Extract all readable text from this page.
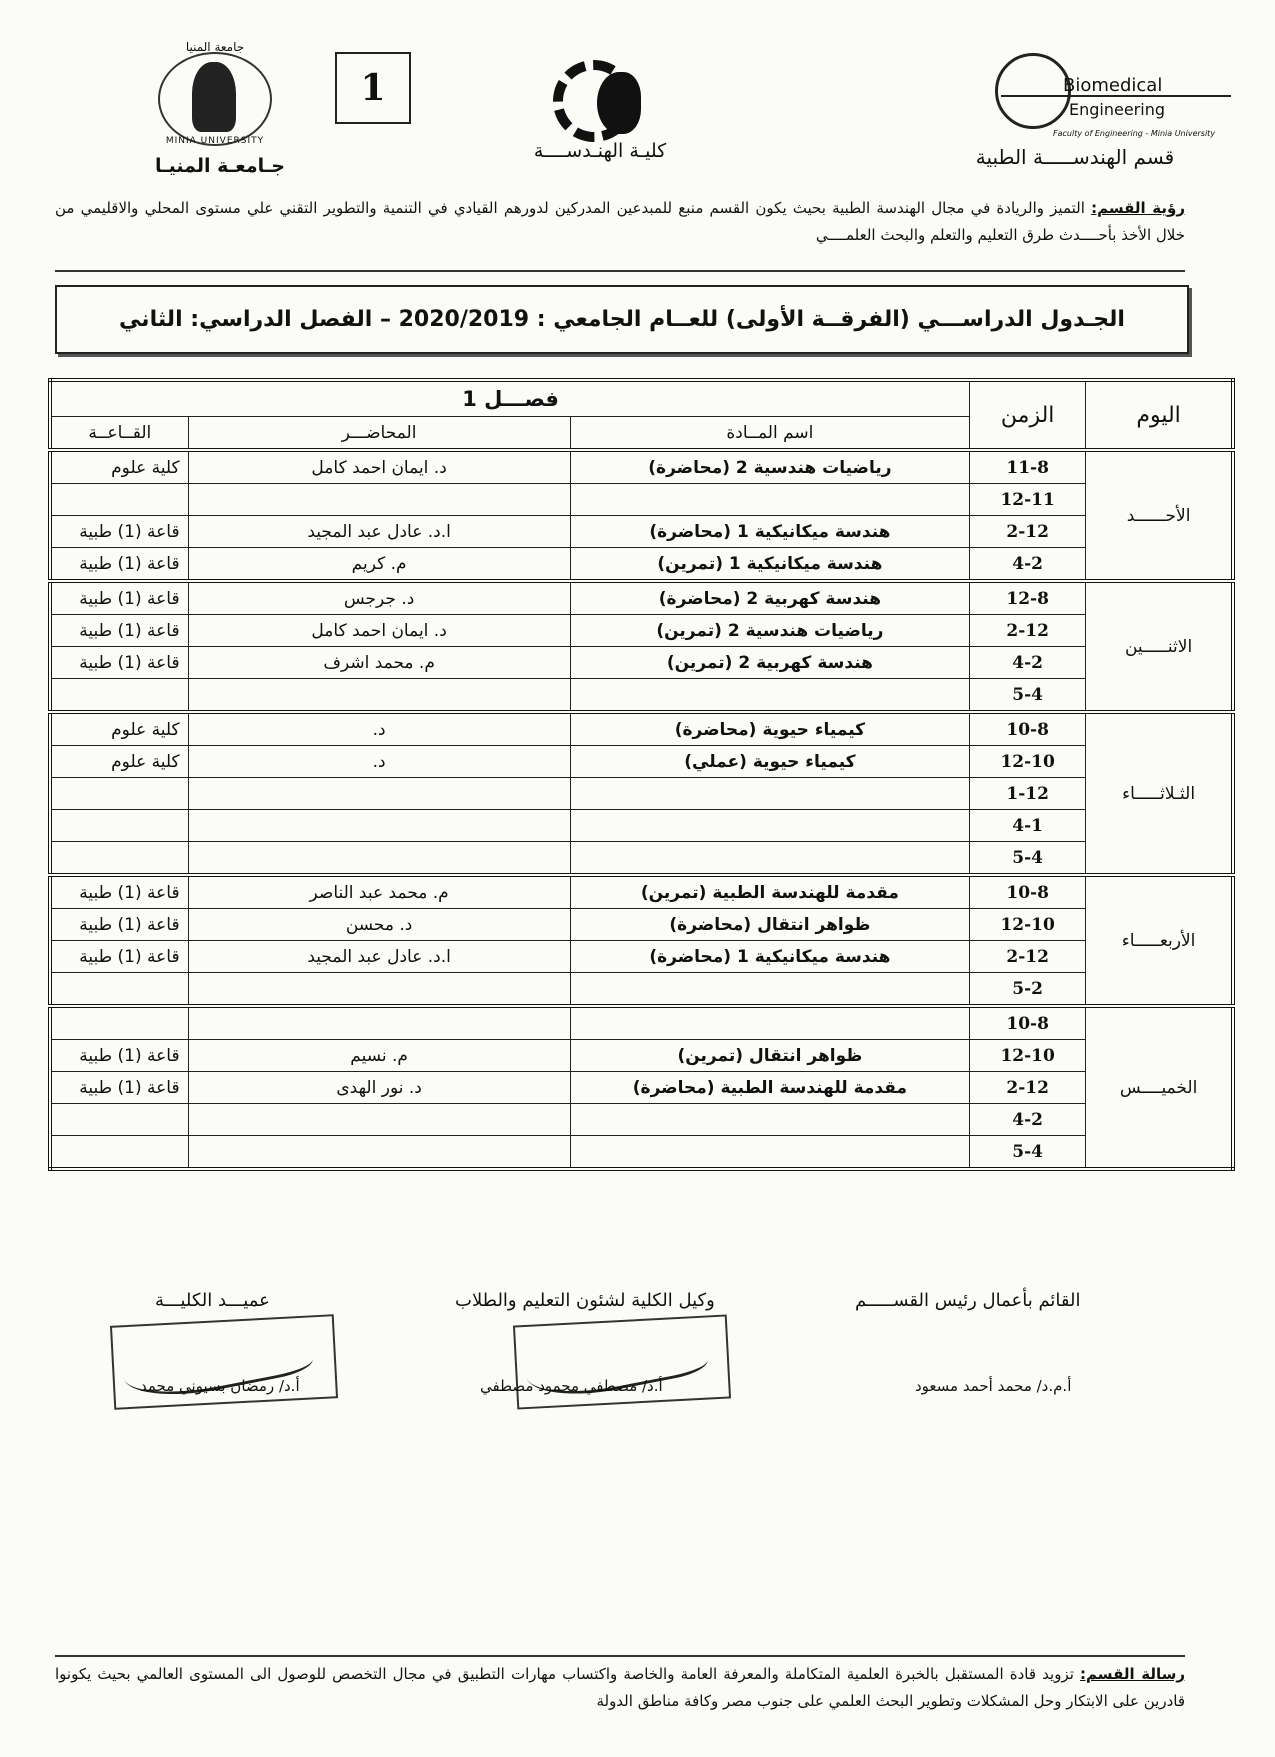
جامعة المنيا
MINIA UNIVERSITY
جـامعـة المنيـا
1
كليـة الهنـدســــة
Biomedical
Engineering
Faculty of Engineering - Minia University
قسم الهندســـــة الطبية
رؤية القسم: التميز والريادة في مجال الهندسة الطبية بحيث يكون القسم منبع للمبدعين المدركين لدورهم القيادي في التنمية والتطوير التقني علي مستوى المحلي والاقليمي من خلال الأخذ بأحــــدث طرق التعليم والتعلم والبحث العلمــــي
الجـدول الدراســـي (الفرقــة الأولى) للعــام الجامعي : 2020/2019 – الفصل الدراسي: الثاني
اليوم	الزمن	فصـــل 1		
		اسم المــادة	المحاضـــر	القــاعــة
الأحــــــد	11-8	رياضيات هندسية 2 (محاضرة)	د. ايمان احمد كامل	كلية علوم
	12-11			
	2-12	هندسة ميكانيكية 1 (محاضرة)	ا.د. عادل عبد المجيد	قاعة (1) طبية
	4-2	هندسة ميكانيكية 1 (تمرين)	م. كريم	قاعة (1) طبية
الاثنـــــين	12-8	هندسة كهربية 2 (محاضرة)	د. جرجس	قاعة (1) طبية
	2-12	رياضيات هندسية 2 (تمرين)	د. ايمان احمد كامل	قاعة (1) طبية
	4-2	هندسة كهربية 2 (تمرين)	م. محمد اشرف	قاعة (1) طبية
	5-4			
الثـلاثـــــاء	10-8	كيمياء حيوية (محاضرة)	د.	كلية علوم
	12-10	كيمياء حيوية (عملي)	د.	كلية علوم
	1-12			
	4-1			
	5-4			
الأربعـــــاء	10-8	مقدمة للهندسة الطبية (تمرين)	م. محمد عبد الناصر	قاعة (1) طبية
	12-10	ظواهر انتقال (محاضرة)	د. محسن	قاعة (1) طبية
	2-12	هندسة ميكانيكية 1 (محاضرة)	ا.د. عادل عبد المجيد	قاعة (1) طبية
	5-2			
الخميــــس	10-8			
	12-10	ظواهر انتقال (تمرين)	م. نسيم	قاعة (1) طبية
	2-12	مقدمة للهندسة الطبية (محاضرة)	د. نور الهدى	قاعة (1) طبية
	4-2			
	5-4			
القائم بأعمال رئيس القســـــم
أ.م.د/ محمد أحمد مسعود
وكيل الكلية لشئون التعليم والطلاب
أ.د/ مصطفي محمود مصطفي
عميـــد الكليـــة
أ.د/ رمضان بسيوني محمد
رسالة القسم: تزويد قادة المستقبل بالخبرة العلمية المتكاملة والمعرفة العامة والخاصة واكتساب مهارات التطبيق في مجال التخصص للوصول الى المستوى العالمي بحيث يكونوا قادرين على الابتكار وحل المشكلات وتطوير البحث العلمي على جنوب مصر وكافة مناطق الدولة
